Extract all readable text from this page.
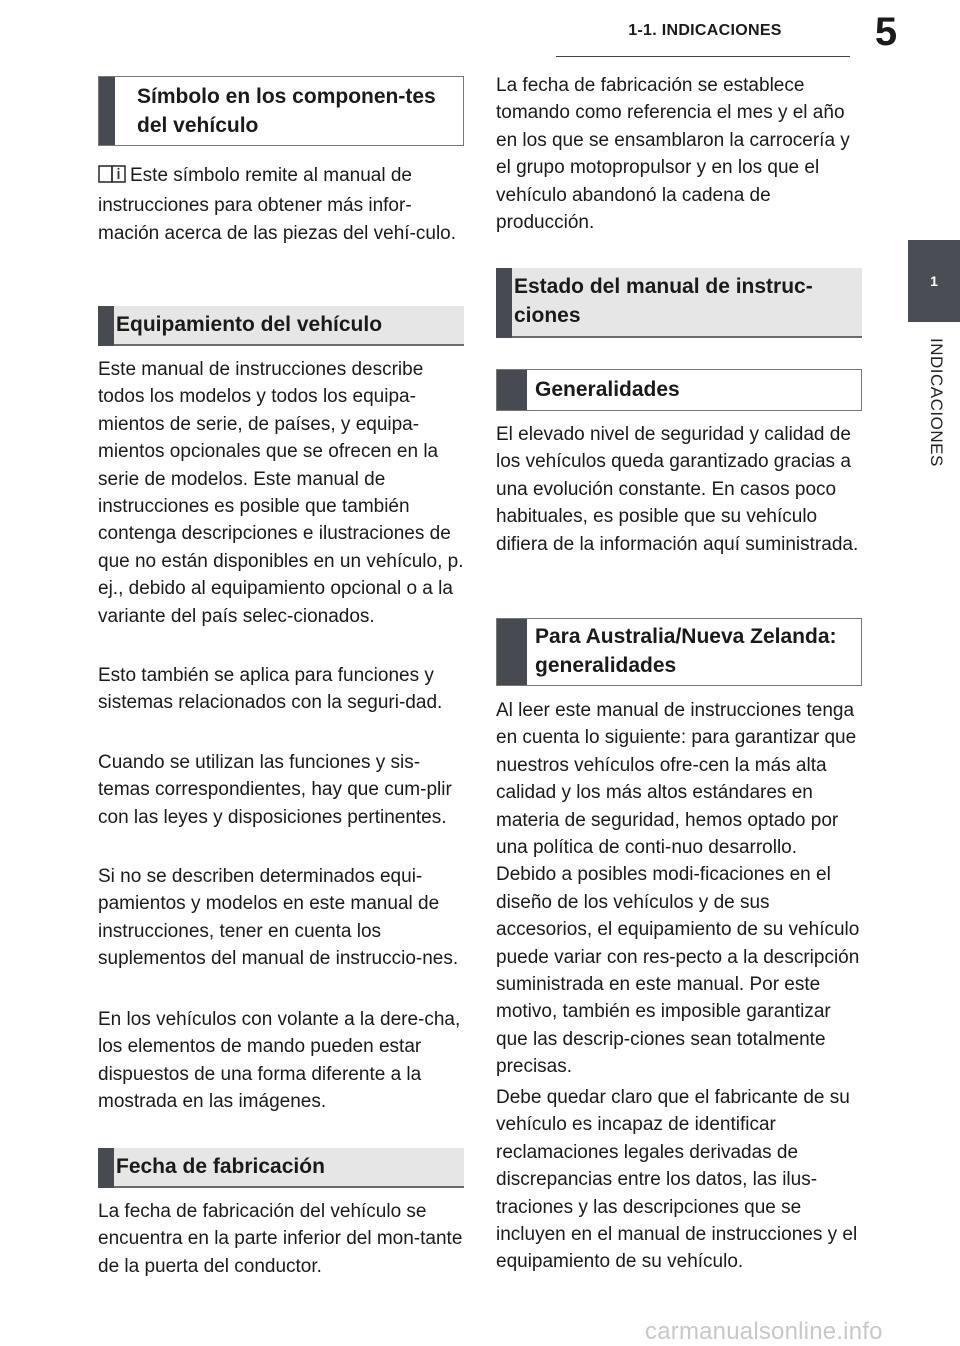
1-1. INDICACIONES	5
1
INDICACIONES
Símbolo en los componen-tes del vehículo
Este símbolo remite al manual de instrucciones para obtener más infor-mación acerca de las piezas del vehí-culo.
Equipamiento del vehículo
Este manual de instrucciones describe todos los modelos y todos los equipa-mientos de serie, de países, y equipa-mientos opcionales que se ofrecen en la serie de modelos. Este manual de instrucciones es posible que también contenga descripciones e ilustraciones de que no están disponibles en un vehículo, p. ej., debido al equipamiento opcional o a la variante del país selec-cionados.
Esto también se aplica para funciones y sistemas relacionados con la seguri-dad.
Cuando se utilizan las funciones y sis-temas correspondientes, hay que cum-plir con las leyes y disposiciones pertinentes.
Si no se describen determinados equi-pamientos y modelos en este manual de instrucciones, tener en cuenta los suplementos del manual de instruccio-nes.
En los vehículos con volante a la dere-cha, los elementos de mando pueden estar dispuestos de una forma diferente a la mostrada en las imágenes.
Fecha de fabricación
La fecha de fabricación del vehículo se encuentra en la parte inferior del mon-tante de la puerta del conductor.
La fecha de fabricación se establece tomando como referencia el mes y el año en los que se ensamblaron la carrocería y el grupo motopropulsor y en los que el vehículo abandonó la cadena de producción.
Estado del manual de instruc-ciones
Generalidades
El elevado nivel de seguridad y calidad de los vehículos queda garantizado gracias a una evolución constante. En casos poco habituales, es posible que su vehículo difiera de la información aquí suministrada.
Para Australia/Nueva Zelanda: generalidades
Al leer este manual de instrucciones tenga en cuenta lo siguiente: para garantizar que nuestros vehículos ofre-cen la más alta calidad y los más altos estándares en materia de seguridad, hemos optado por una política de conti-nuo desarrollo. Debido a posibles modi-ficaciones en el diseño de los vehículos y de sus accesorios, el equipamiento de su vehículo puede variar con res-pecto a la descripción suministrada en este manual. Por este motivo, también es imposible garantizar que las descrip-ciones sean totalmente precisas.
Debe quedar claro que el fabricante de su vehículo es incapaz de identificar reclamaciones legales derivadas de discrepancias entre los datos, las ilus-traciones y las descripciones que se incluyen en el manual de instrucciones y el equipamiento de su vehículo.
carmanualsonline.info
